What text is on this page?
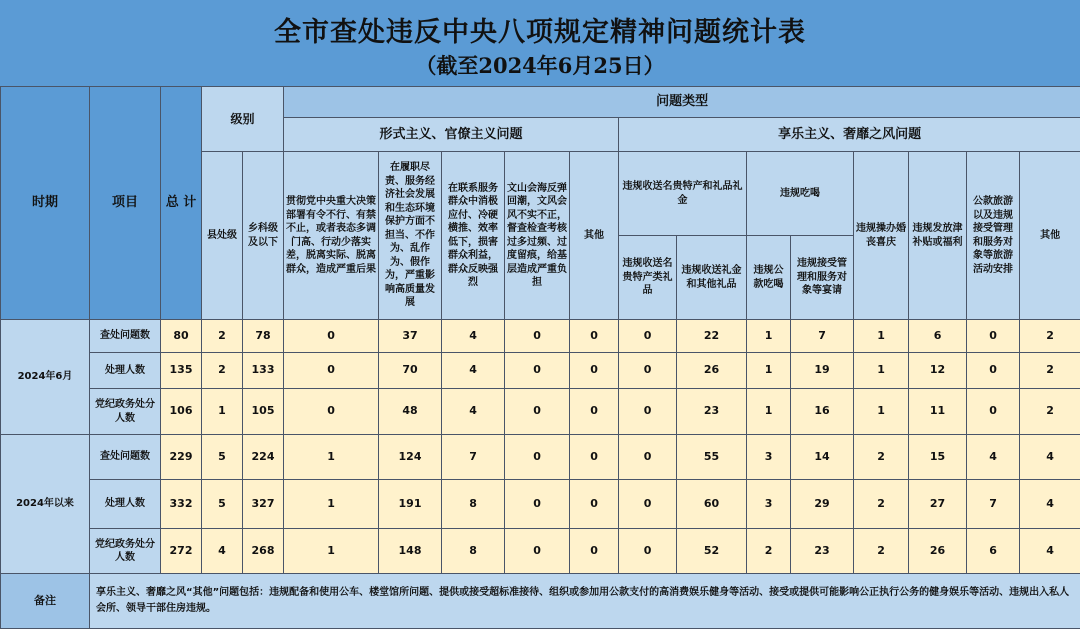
全市查处违反中央八项规定精神问题统计表
（截至2024年6月25日）
时期	项目	总 计	级别		问题类型												
					形式主义、官僚主义问题					享乐主义、奢靡之风问题							
			县处级	乡科级及以下	贯彻党中央重大决策部署有令不行、有禁不止，或者表态多调门高、行动少落实差，脱离实际、脱离群众，造成严重后果	在履职尽责、服务经济社会发展和生态环境保护方面不担当、不作为、乱作为、假作为，严重影响高质量发展	在联系服务群众中消极应付、冷硬横推、效率低下，损害群众利益，群众反映强烈	文山会海反弹回潮，文风会风不实不正，督查检查考核过多过频、过度留痕，给基层造成严重负担	其他	违规收送名贵特产和礼品礼金		违规吃喝		违规操办婚丧喜庆	违规发放津补贴或福利	公款旅游以及违规接受管理和服务对象等旅游活动安排	其他
										违规收送名贵特产类礼品	违规收送礼金和其他礼品	违规公款吃喝	违规接受管理和服务对象等宴请				
2024年6月	查处问题数	80	2	78	0	37	4	0	0	0	22	1	7	1	6	0	2
	处理人数	135	2	133	0	70	4	0	0	0	26	1	19	1	12	0	2
	党纪政务处分人数	106	1	105	0	48	4	0	0	0	23	1	16	1	11	0	2
2024年以来	查处问题数	229	5	224	1	124	7	0	0	0	55	3	14	2	15	4	4
	处理人数	332	5	327	1	191	8	0	0	0	60	3	29	2	27	7	4
	党纪政务处分人数	272	4	268	1	148	8	0	0	0	52	2	23	2	26	6	4
备注	享乐主义、奢靡之风“其他”问题包括：违规配备和使用公车、楼堂馆所问题、提供或接受超标准接待、组织或参加用公款支付的高消费娱乐健身等活动、接受或提供可能影响公正执行公务的健身娱乐等活动、违规出入私人会所、领导干部住房违规。																
